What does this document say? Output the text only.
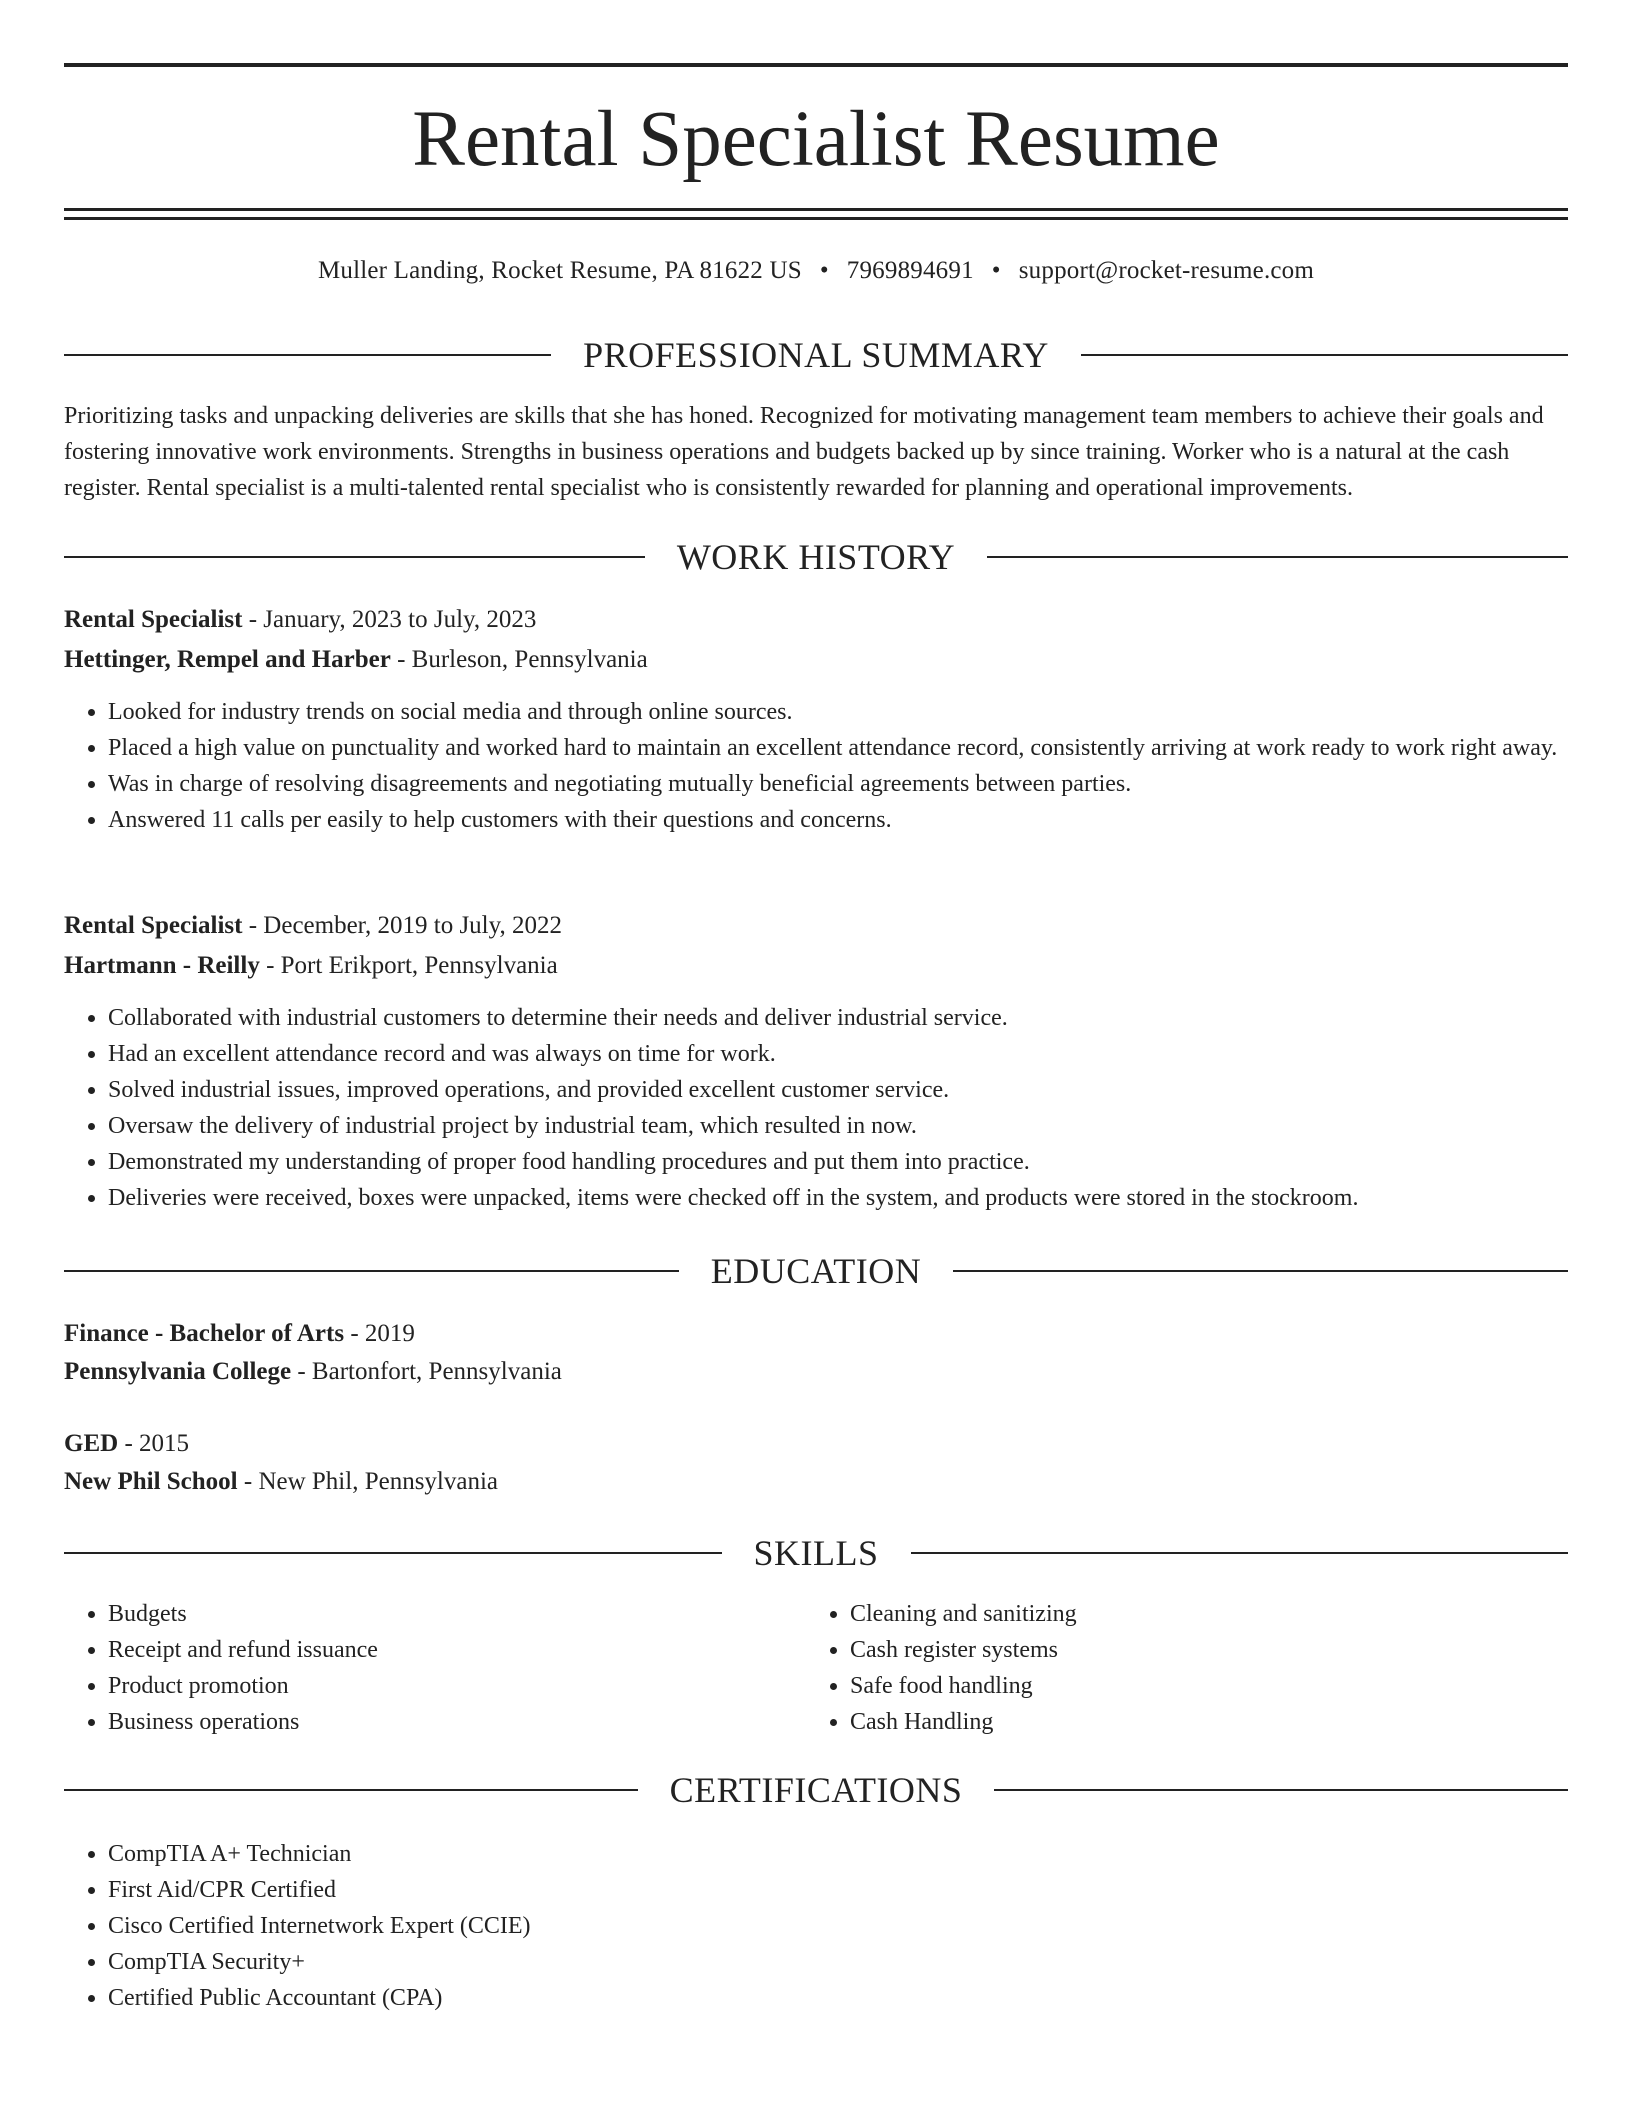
Rental Specialist Resume
Muller Landing, Rocket Resume, PA 81622 US • 7969894691 • support@rocket-resume.com
PROFESSIONAL SUMMARY
Prioritizing tasks and unpacking deliveries are skills that she has honed. Recognized for motivating management team members to achieve their goals and fostering innovative work environments. Strengths in business operations and budgets backed up by since training. Worker who is a natural at the cash register. Rental specialist is a multi-talented rental specialist who is consistently rewarded for planning and operational improvements.
WORK HISTORY
Rental Specialist - January, 2023 to July, 2023
Hettinger, Rempel and Harber - Burleson, Pennsylvania
• Looked for industry trends on social media and through online sources.
• Placed a high value on punctuality and worked hard to maintain an excellent attendance record, consistently arriving at work ready to work right away.
• Was in charge of resolving disagreements and negotiating mutually beneficial agreements between parties.
• Answered 11 calls per easily to help customers with their questions and concerns.
Rental Specialist - December, 2019 to July, 2022
Hartmann - Reilly - Port Erikport, Pennsylvania
• Collaborated with industrial customers to determine their needs and deliver industrial service.
• Had an excellent attendance record and was always on time for work.
• Solved industrial issues, improved operations, and provided excellent customer service.
• Oversaw the delivery of industrial project by industrial team, which resulted in now.
• Demonstrated my understanding of proper food handling procedures and put them into practice.
• Deliveries were received, boxes were unpacked, items were checked off in the system, and products were stored in the stockroom.
EDUCATION
Finance - Bachelor of Arts - 2019
Pennsylvania College - Bartonfort, Pennsylvania
GED - 2015
New Phil School - New Phil, Pennsylvania
SKILLS
• Budgets
• Receipt and refund issuance
• Product promotion
• Business operations
• Cleaning and sanitizing
• Cash register systems
• Safe food handling
• Cash Handling
CERTIFICATIONS
• CompTIA A+ Technician
• First Aid/CPR Certified
• Cisco Certified Internetwork Expert (CCIE)
• CompTIA Security+
• Certified Public Accountant (CPA)
